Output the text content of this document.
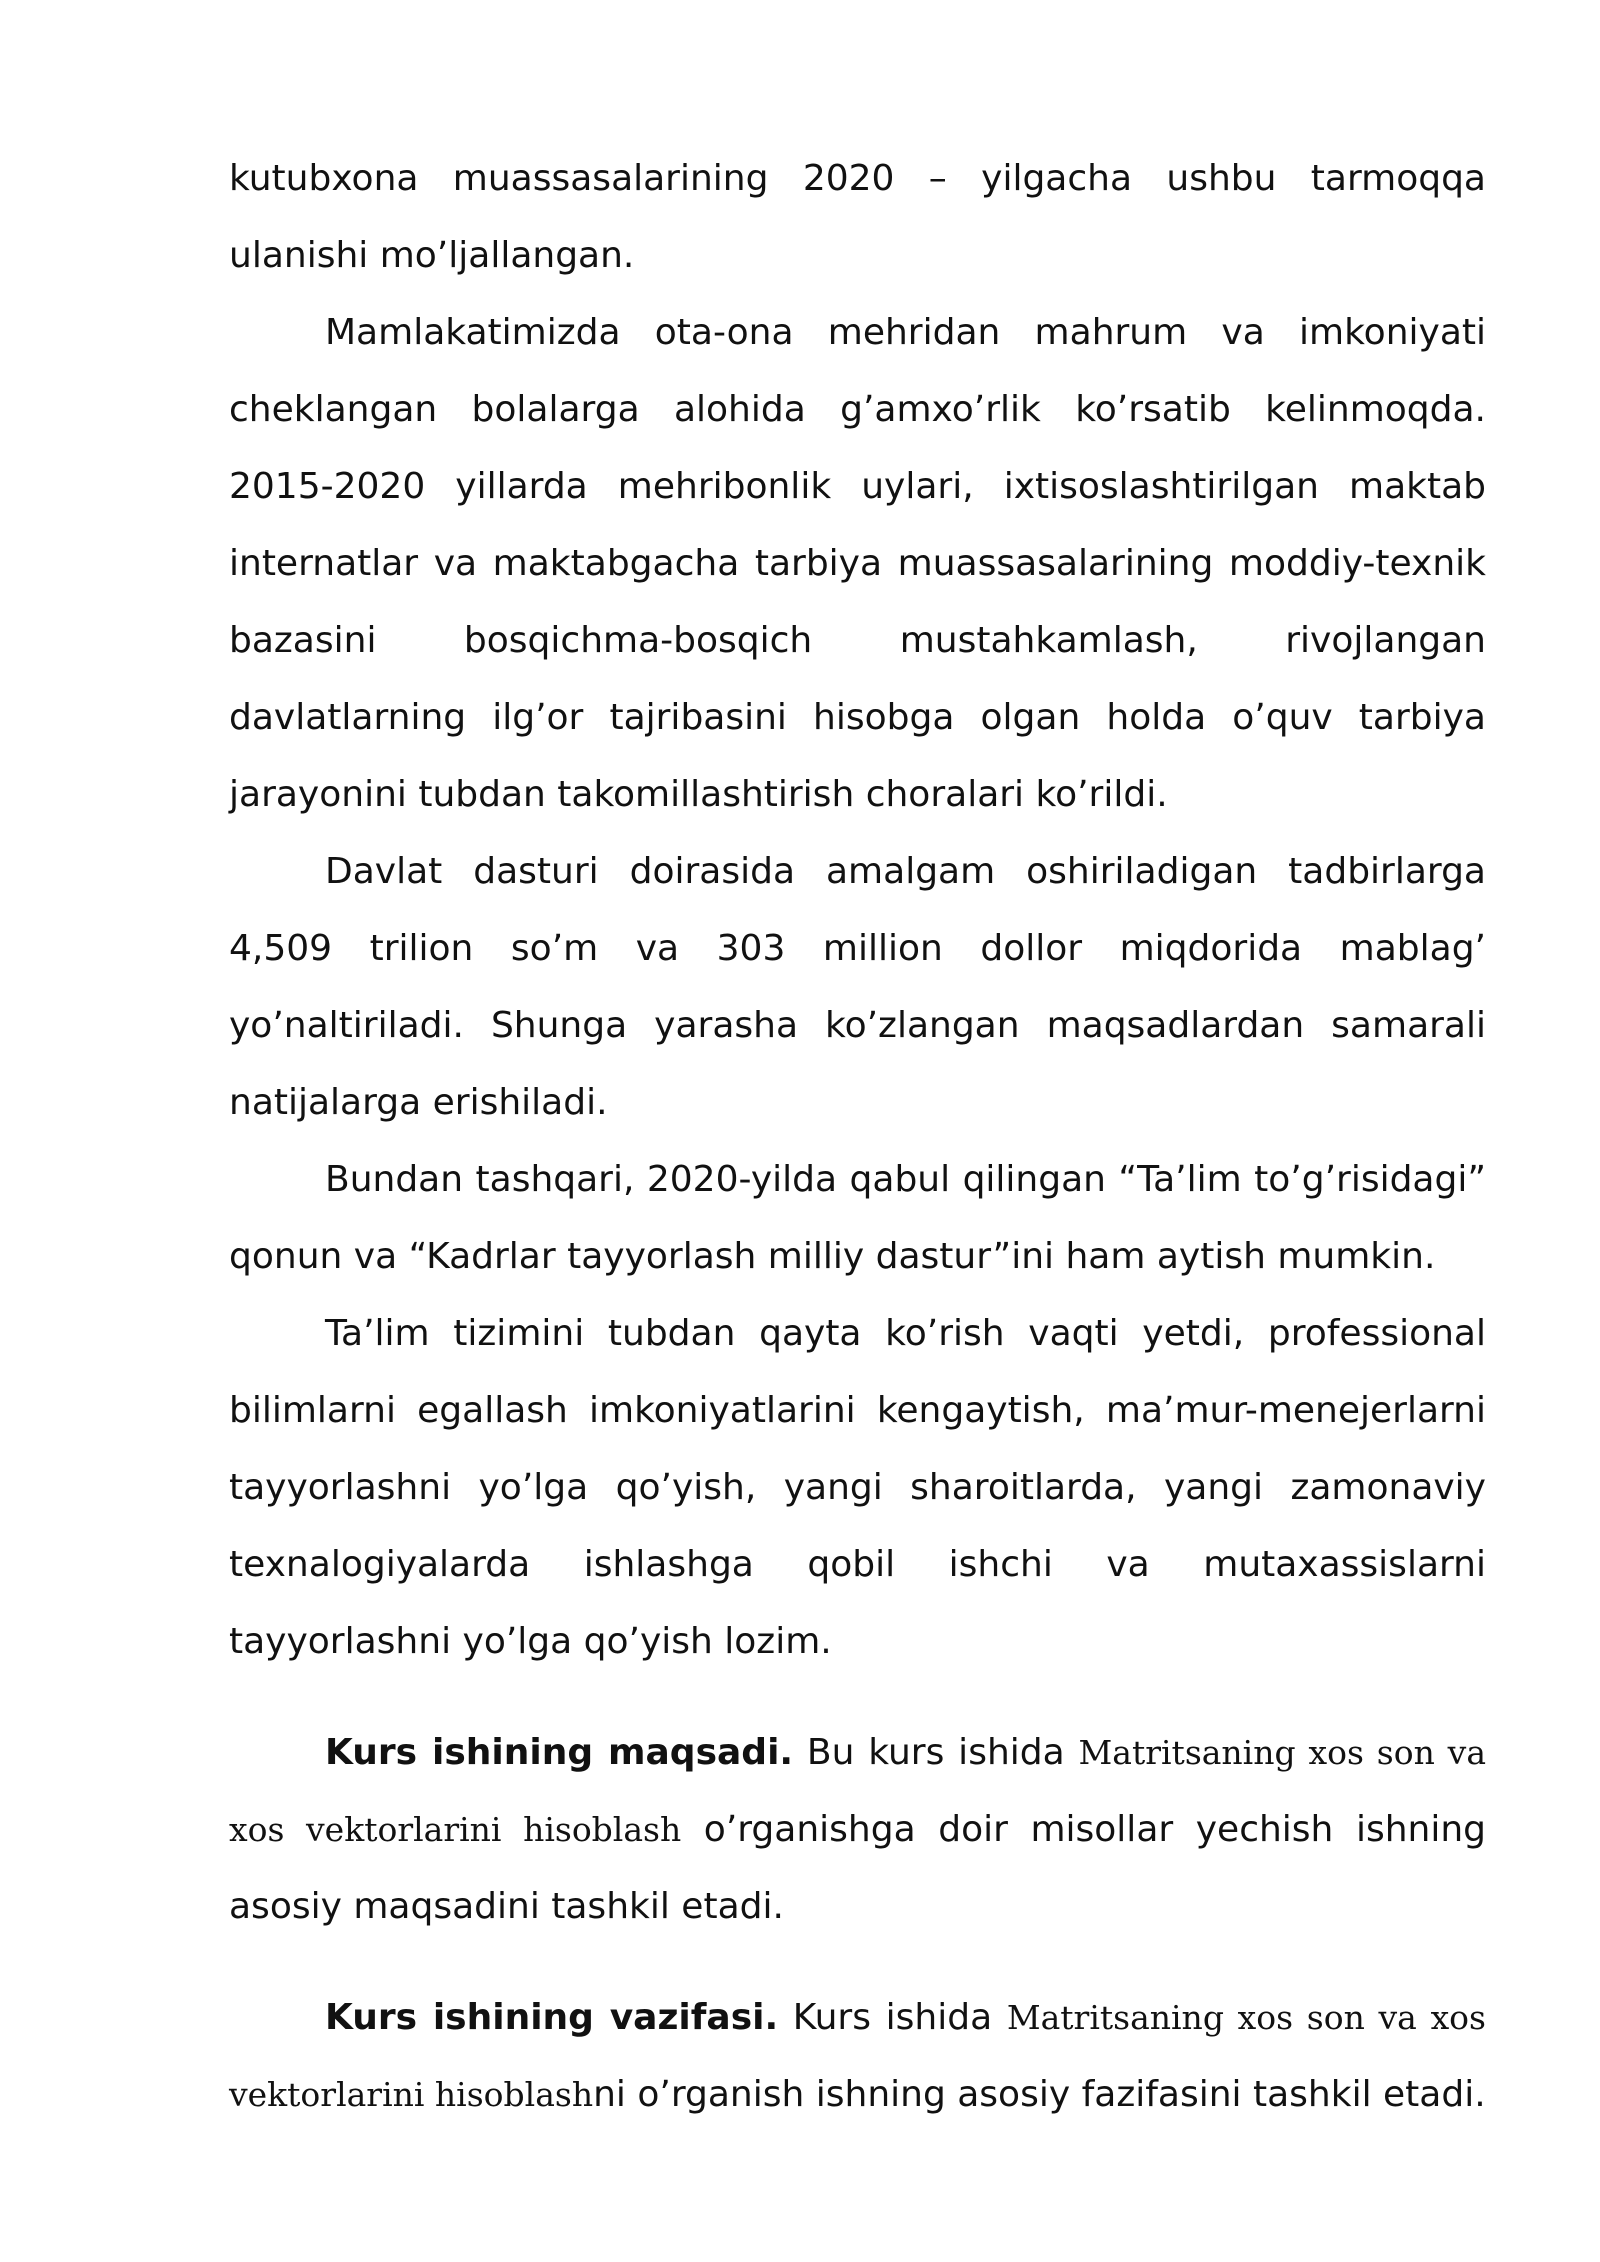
kutubxona muassasalarining 2020 – yilgacha ushbu tarmoqqa ulanishi mo’ljallangan.

Mamlakatimizda ota-ona mehridan mahrum va imkoniyati cheklangan bolalarga alohida g’amxo’rlik ko’rsatib kelinmoqda. 2015-2020 yillarda mehribonlik uylari, ixtisoslashtirilgan maktab internatlar va maktabgacha tarbiya muassasalarining moddiy-texnik bazasini bosqichma-bosqich mustahkamlash, rivojlangan davlatlarning ilg’or tajribasini hisobga olgan holda o’quv tarbiya jarayonini tubdan takomillashtirish choralari ko’rildi.

Davlat dasturi doirasida amalgam oshiriladigan tadbirlarga 4,509 trilion so’m va 303 million dollor miqdorida mablag’ yo’naltiriladi. Shunga yarasha ko’zlangan maqsadlardan samarali natijalarga erishiladi.

Bundan tashqari, 2020-yilda qabul qilingan “Ta’lim to’g’risidagi” qonun va “Kadrlar tayyorlash milliy dastur”ini ham aytish mumkin.

Ta’lim tizimini tubdan qayta ko’rish vaqti yetdi, professional bilimlarni egallash imkoniyatlarini kengaytish, ma’mur-menejerlarni tayyorlashni yo’lga qo’yish, yangi sharoitlarda, yangi zamonaviy texnalogiyalarda ishlashga qobil ishchi va mutaxassislarni tayyorlashni yo’lga qo’yish lozim.

Kurs ishining maqsadi. Bu kurs ishida Matritsaning xos son va xos vektorlarini hisoblash o’rganishga doir misollar yechish ishning asosiy maqsadini tashkil etadi.

Kurs ishining vazifasi. Kurs ishida Matritsaning xos son va xos vektorlarini hisoblashni o’rganish ishning asosiy fazifasini tashkil etadi.
